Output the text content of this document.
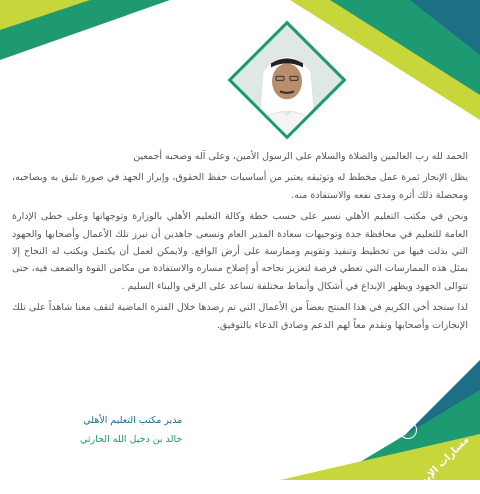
الحمد لله رب العالمين والصلاة والسلام على الرسول الأمين، وعلى آله وصحبه أجمعين

يظل الإنجاز ثمرة عمل مخطط له وتوثيقه يعتبر من أساسيات حفظ الحقوق، وإبراز الجهد في صورة تليق به وبصاحبه، ومحصلة ذلك أثره ومدى نفعه والاستفادة منه.

ونحن في مكتب التعليم الأهلي نسير على حسب خطة وكالة التعليم الأهلي بالوزارة وتوجهاتها وعلى خطى الإدارة العامة للتعليم في محافظة جدة وتوجيهات سعادة المدير العام ونسعى جاهدين أن نبرز تلك الأعمال وأصحابها والجهود التي بذلت فيها من تخطيط وتنفيذ وتقويم وممارسة على أرض الواقع. ولايمكن لعمل أن يكتمل ويكتب له النجاح إلا بمثل هذه الممارسات التي تعطي فرصة لتعزيز نجاحه أو إصلاح مساره والاستفادة من مكامن القوة والضعف فيه، حتى تتوالى الجهود ويظهر الإبداع في أشكال وأنماط مختلفة تساعد على الرقي والبناء السليم .

لذا ستجد أخي الكريم في هذا المنتج بعضاً من الأعمال التي تم رصدها خلال الفترة الماضية لتقف معنا شاهداً على تلك الإنجازات وأصحابها ونقدم معاً لهم الدعم وصادق الدعاء بالتوفيق.

مدير مكتب التعليم الأهلي
خالد بن دخيل الله الحارثي	مسارات الإبداع
٢
